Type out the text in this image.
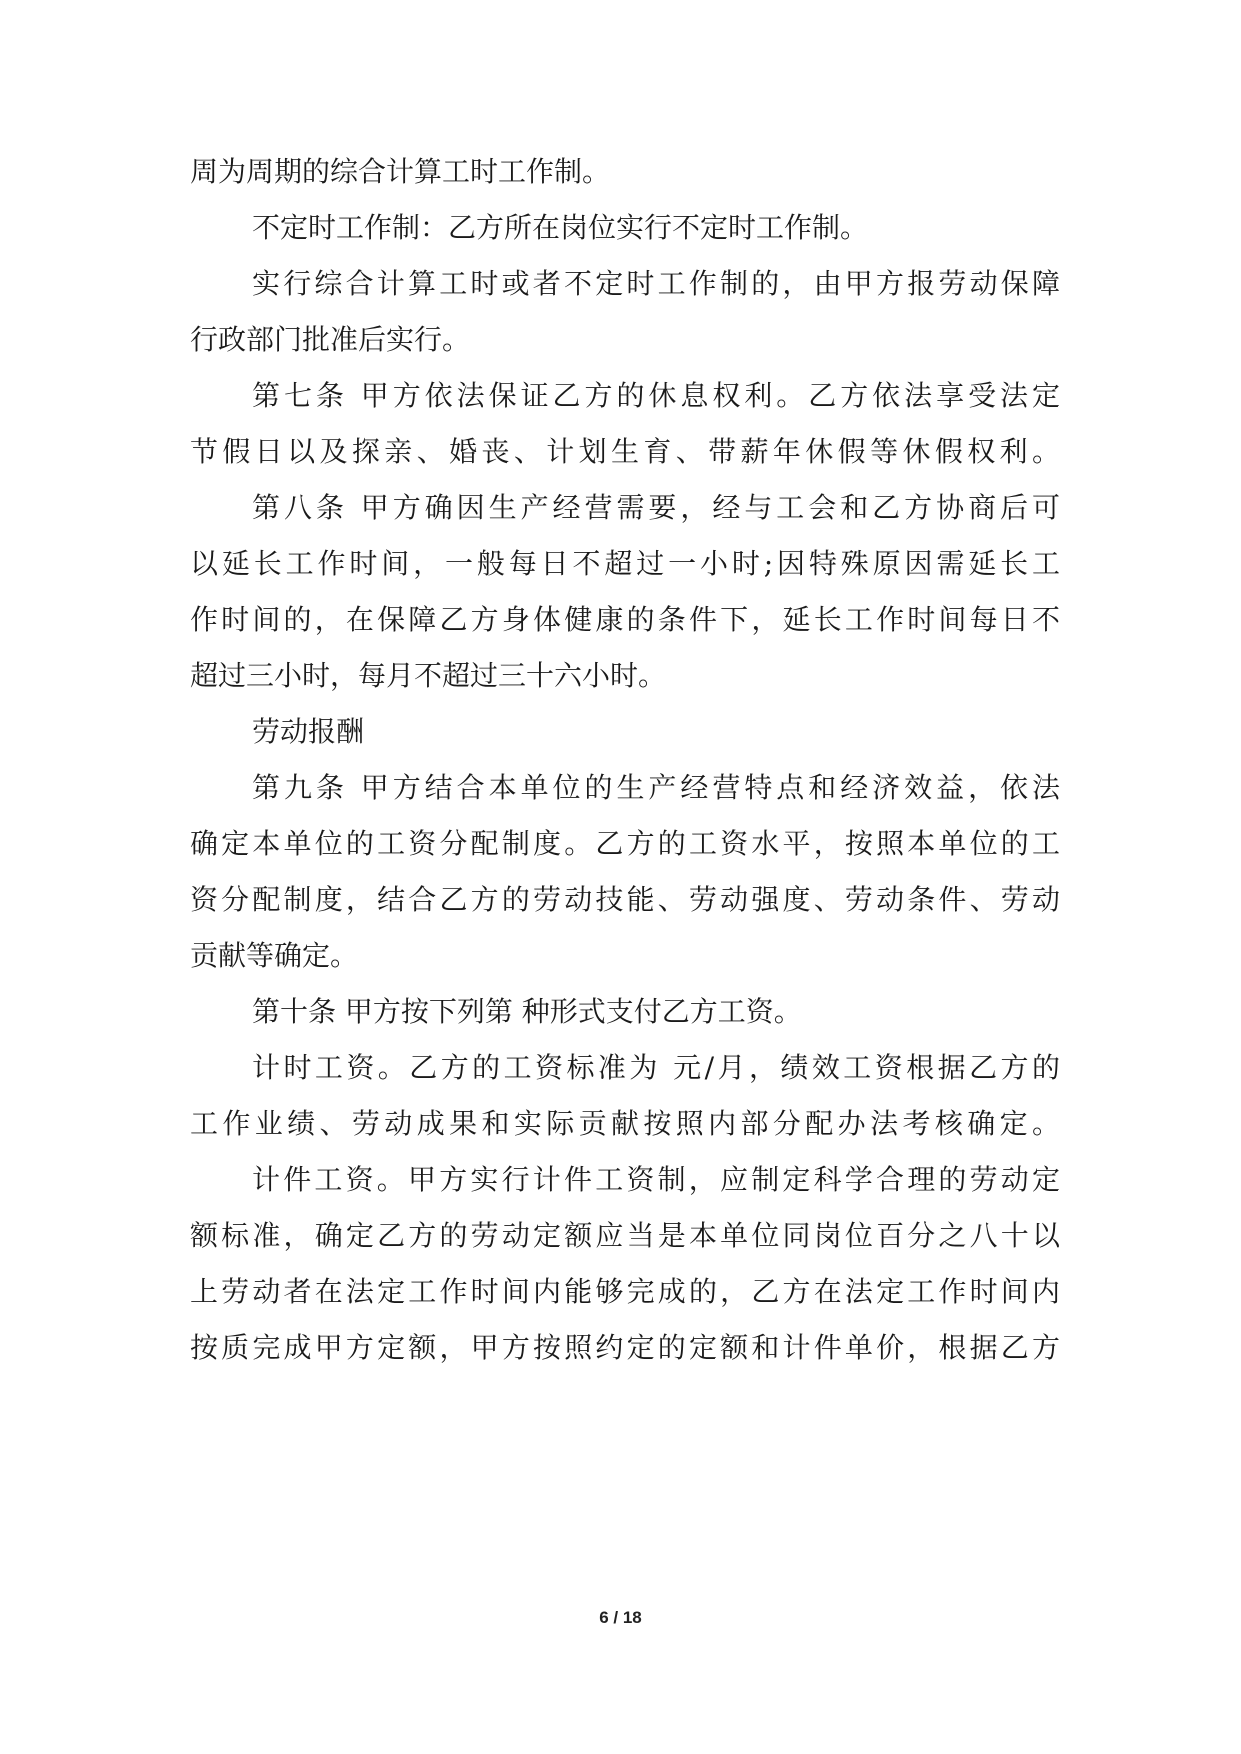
周为周期的综合计算工时工作制。
不定时工作制：乙方所在岗位实行不定时工作制。
实行综合计算工时或者不定时工作制的，由甲方报劳动保障
行政部门批准后实行。
第七条 甲方依法保证乙方的休息权利。乙方依法享受法定
节假日以及探亲、婚丧、计划生育、带薪年休假等休假权利。
第八条 甲方确因生产经营需要，经与工会和乙方协商后可
以延长工作时间，一般每日不超过一小时;因特殊原因需延长工
作时间的，在保障乙方身体健康的条件下，延长工作时间每日不
超过三小时，每月不超过三十六小时。
劳动报酬
第九条 甲方结合本单位的生产经营特点和经济效益，依法
确定本单位的工资分配制度。乙方的工资水平，按照本单位的工
资分配制度，结合乙方的劳动技能、劳动强度、劳动条件、劳动
贡献等确定。
第十条 甲方按下列第 种形式支付乙方工资。
计时工资。乙方的工资标准为 元/月，绩效工资根据乙方的
工作业绩、劳动成果和实际贡献按照内部分配办法考核确定。
计件工资。甲方实行计件工资制，应制定科学合理的劳动定
额标准，确定乙方的劳动定额应当是本单位同岗位百分之八十以
上劳动者在法定工作时间内能够完成的，乙方在法定工作时间内
按质完成甲方定额，甲方按照约定的定额和计件单价，根据乙方
6 / 18
